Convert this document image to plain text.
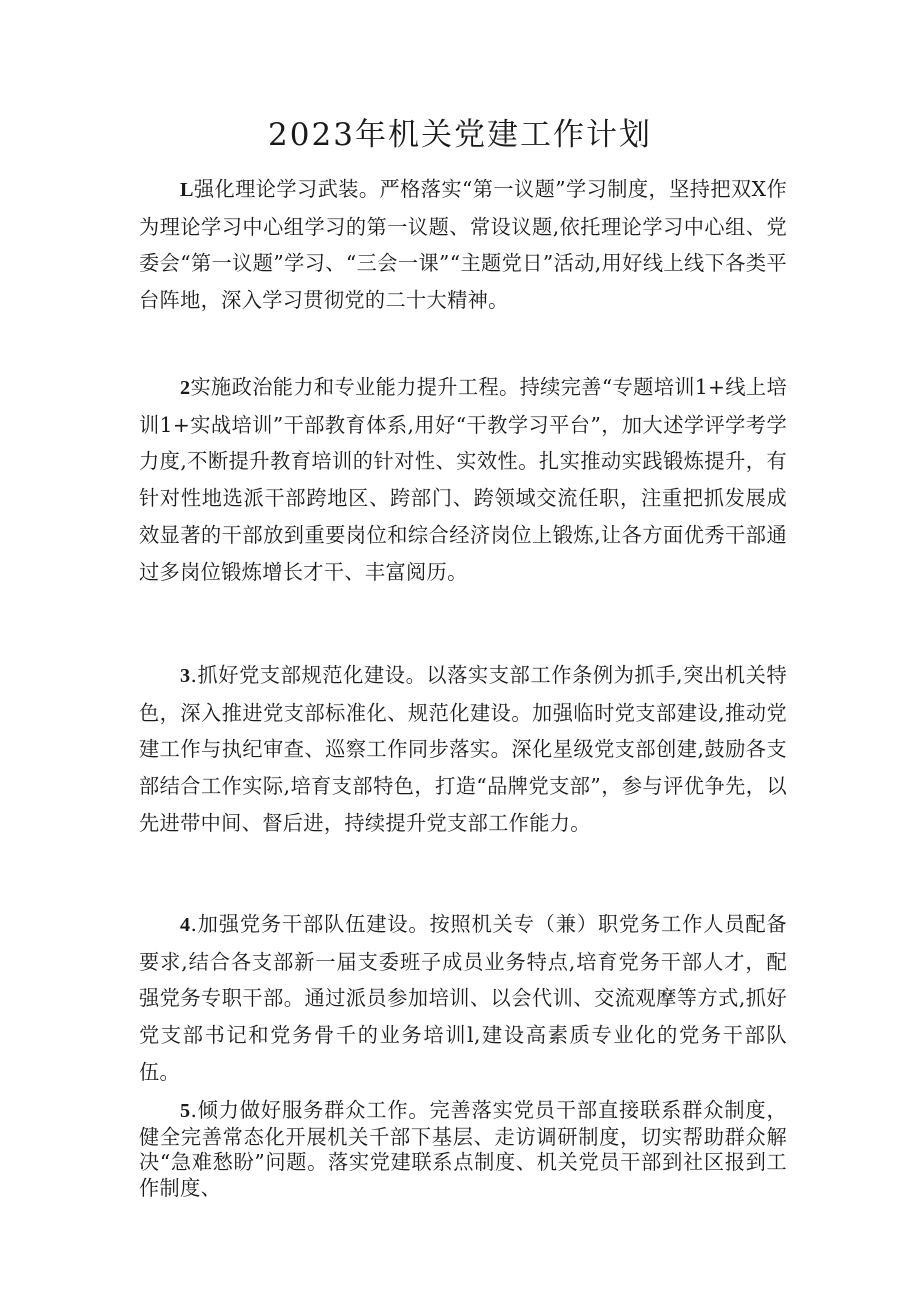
2023年机关党建工作计划

L强化理论学习武装。严格落实“第一议题”学习制度，坚持把双X作为理论学习中心组学习的第一议题、常设议题,依托理论学习中心组、党委会“第一议题”学习、“三会一课”“主题党日”活动,用好线上线下各类平台阵地，深入学习贯彻党的二十大精神。

2实施政治能力和专业能力提升工程。持续完善“专题培训1+线上培训1+实战培训”干部教育体系,用好“干教学习平台”，加大述学评学考学力度,不断提升教育培训的针对性、实效性。扎实推动实践锻炼提升，有针对性地选派干部跨地区、跨部门、跨领域交流任职，注重把抓发展成效显著的干部放到重要岗位和综合经济岗位上锻炼,让各方面优秀干部通过多岗位锻炼增长才干、丰富阅历。

3.抓好党支部规范化建设。以落实支部工作条例为抓手,突出机关特色，深入推进党支部标准化、规范化建设。加强临时党支部建设,推动党建工作与执纪审查、巡察工作同步落实。深化星级党支部创建,鼓励各支部结合工作实际,培育支部特色，打造“品牌党支部”，参与评优争先，以先进带中间、督后进，持续提升党支部工作能力。

4.加强党务干部队伍建设。按照机关专（兼）职党务工作人员配备要求,结合各支部新一届支委班子成员业务特点,培育党务干部人才，配强党务专职干部。通过派员参加培训、以会代训、交流观摩等方式,抓好党支部书记和党务骨千的业务培训l,建设高素质专业化的党务干部队伍。

5.倾力做好服务群众工作。完善落实党员干部直接联系群众制度，健全完善常态化开展机关千部下基层、走访调研制度，切实帮助群众解决“急难愁盼”问题。落实党建联系点制度、机关党员干部到社区报到工作制度、
